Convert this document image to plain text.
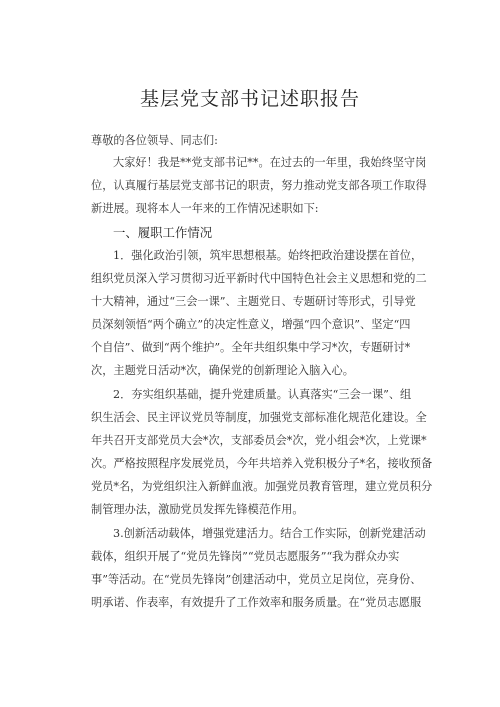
基层党支部书记述职报告
尊敬的各位领导、同志们:
大家好！我是**党支部书记**。在过去的一年里，我始终坚守岗
位，认真履行基层党支部书记的职责，努力推动党支部各项工作取得
新进展。现将本人一年来的工作情况述职如下:
一、履职工作情况
1．强化政治引领，筑牢思想根基。始终把政治建设摆在首位，
组织党员深入学习贯彻习近平新时代中国特色社会主义思想和党的二
十大精神，通过“三会一课”、主题党日、专题研讨等形式，引导党
员深刻领悟“两个确立”的决定性意义，增强“四个意识”、坚定“四
个自信”、做到“两个维护”。全年共组织集中学习*次，专题研讨*
次，主题党日活动*次，确保党的创新理论入脑入心。
2．夯实组织基础，提升党建质量。认真落实“三会一课”、组
织生活会、民主评议党员等制度，加强党支部标准化规范化建设。全
年共召开支部党员大会*次，支部委员会*次，党小组会*次，上党课*
次。严格按照程序发展党员，今年共培养入党积极分子*名，接收预备
党员*名，为党组织注入新鲜血液。加强党员教育管理，建立党员积分
制管理办法，激励党员发挥先锋模范作用。
3.创新活动载体，增强党建活力。结合工作实际，创新党建活动
载体，组织开展了“党员先锋岗”“党员志愿服务”“我为群众办实
事”等活动。在“党员先锋岗”创建活动中，党员立足岗位，亮身份、
明承诺、作表率，有效提升了工作效率和服务质量。在“党员志愿服
